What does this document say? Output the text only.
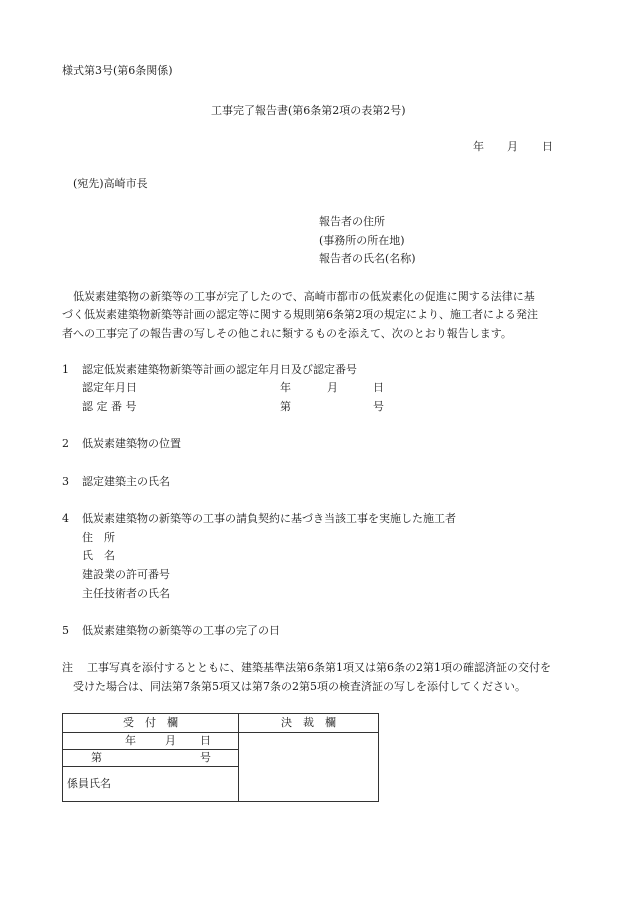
様式第3号(第6条関係)
工事完了報告書(第6条第2項の表第2号)
年 月 日
(宛先)高崎市長
報告者の住所
(事務所の所在地)
報告者の氏名(名称)
低炭素建築物の新築等の工事が完了したので、高崎市都市の低炭素化の促進に関する法律に基
づく低炭素建築物新築等計画の認定等に関する規則第6条第2項の規定により、施工者による発注
者への工事完了の報告書の写しその他これに類するものを添えて、次のとおり報告します。
1 認定低炭素建築物新築等計画の認定年月日及び認定番号
認定年月日	年	月	日
認 定 番 号	第	号
2 低炭素建築物の位置
3 認定建築主の氏名
4 低炭素建築物の新築等の工事の請負契約に基づき当該工事を実施した施工者
住　所
氏　名
建設業の許可番号
主任技術者の氏名
5 低炭素建築物の新築等の工事の完了の日
注 工事写真を添付するとともに、建築基準法第6条第1項又は第6条の2第1項の確認済証の交付を
受けた場合は、同法第7条第5項又は第7条の2第5項の検査済証の写しを添付してください。
受　付　欄	決　裁　欄

年 月 日	

第 号	

係員氏名	
